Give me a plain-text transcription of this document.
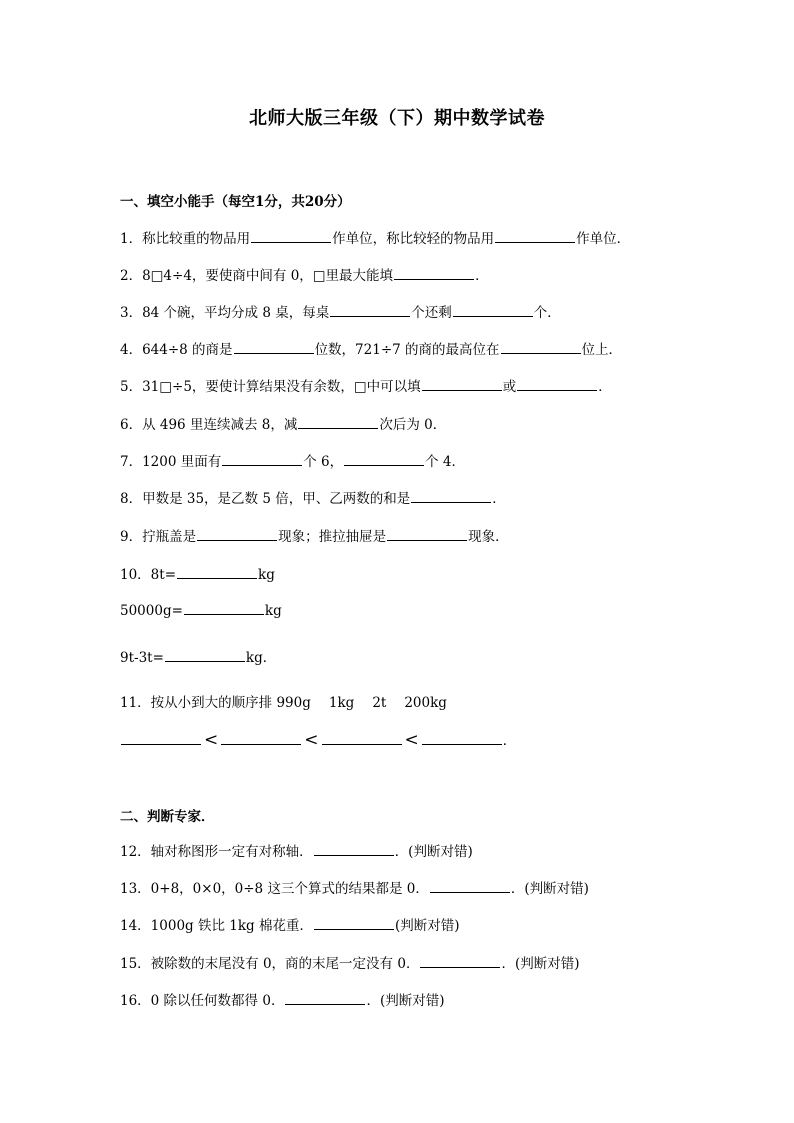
北师大版三年级（下）期中数学试卷
一、填空小能手（每空1分，共20分）
1．称比较重的物品用	作单位，称比较轻的物品用	作单位．
2．8□4÷4，要使商中间有 0，□里最大能填	．
3．84 个碗，平均分成 8 桌，每桌	个还剩	个．
4．644÷8 的商是	位数，721÷7 的商的最高位在	位上．
5．31□÷5，要使计算结果没有余数，□中可以填	或	．
6．从 496 里连续减去 8，减	次后为 0．
7．1200 里面有	个 6，	个 4．
8．甲数是 35，是乙数 5 倍，甲、乙两数的和是	．
9．拧瓶盖是	现象；推拉抽屉是	现象．
10．8t=	kg
50000g=	kg
9t-3t=	kg．
11．按从小到大的顺序排 990g 1kg 2t 200kg
<	<	<	．
二、判断专家．
12．轴对称图形一定有对称轴．	．(判断对错)
13．0+8，0×0，0÷8 这三个算式的结果都是 0．	．(判断对错)
14．1000g 铁比 1kg 棉花重．	(判断对错)
15．被除数的末尾没有 0，商的末尾一定没有 0．	．(判断对错)
16．0 除以任何数都得 0．	．(判断对错)
